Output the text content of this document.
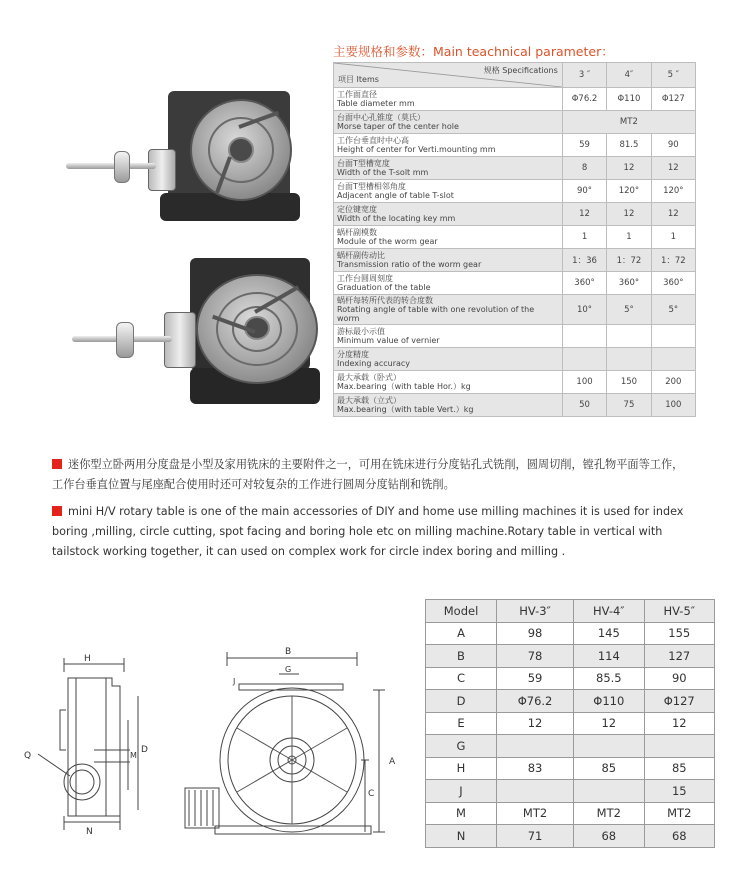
主要规格和参数：Main teachnical parameter：
项目 Items
规格 Specifications	3 ″	4″	5 ″

工作面直径
Table diameter mm	Φ76.2	Φ110	Φ127

台面中心孔锥度（莫氏）
Morse taper of the center hole	MT2		

工作台垂直时中心高
Height of center for Verti.mounting mm	59	81.5	90

台面T型槽宽度
Width of the T-solt mm	8	12	12

台面T型槽相邻角度
Adjacent angle of table T-slot	90°	120°	120°

定位键宽度
Width of the locating key mm	12	12	12

蜗杆副模数
Module of the worm gear	1	1	1

蜗杆副传动比
Transmission ratio of the worm gear	1：36	1：72	1：72

工作台圆周刻度
Graduation of the table	360°	360°	360°

蜗杆每转所代表的转合度数
Rotating angle of table with one revolution of the worm	10°	5°	5°

游标最小示值
Minimum value of vernier			

分度精度
Indexing accuracy			

最大承载（卧式）
Max.bearing（with table Hor.）kg	100	150	200

最大承载（立式）
Max.bearing（with table Vert.）kg	50	75	100
迷你型立卧两用分度盘是小型及家用铣床的主要附件之一，可用在铣床进行分度钻孔式铣削，圆周切削，镗孔物平面等工作，工作台垂直位置与尾座配合使用时还可对较复杂的工作进行圆周分度钻削和铣削。
mini H/V rotary table is one of the main accessories of DIY and home use milling machines it is used for index boring ,milling, circle cutting, spot facing and boring hole etc on milling machine.Rotary table in vertical with tailstock working together, it can used on complex work for circle index boring and milling .
H
D
M
Q
N
B
G
J
A
C
Model	HV-3″	HV-4″	HV-5″
A	98	145	155
B	78	114	127
C	59	85.5	90
D	Φ76.2	Φ110	Φ127
E	12	12	12
G			
H	83	85	85
J			15
M	MT2	MT2	MT2
N	71	68	68
